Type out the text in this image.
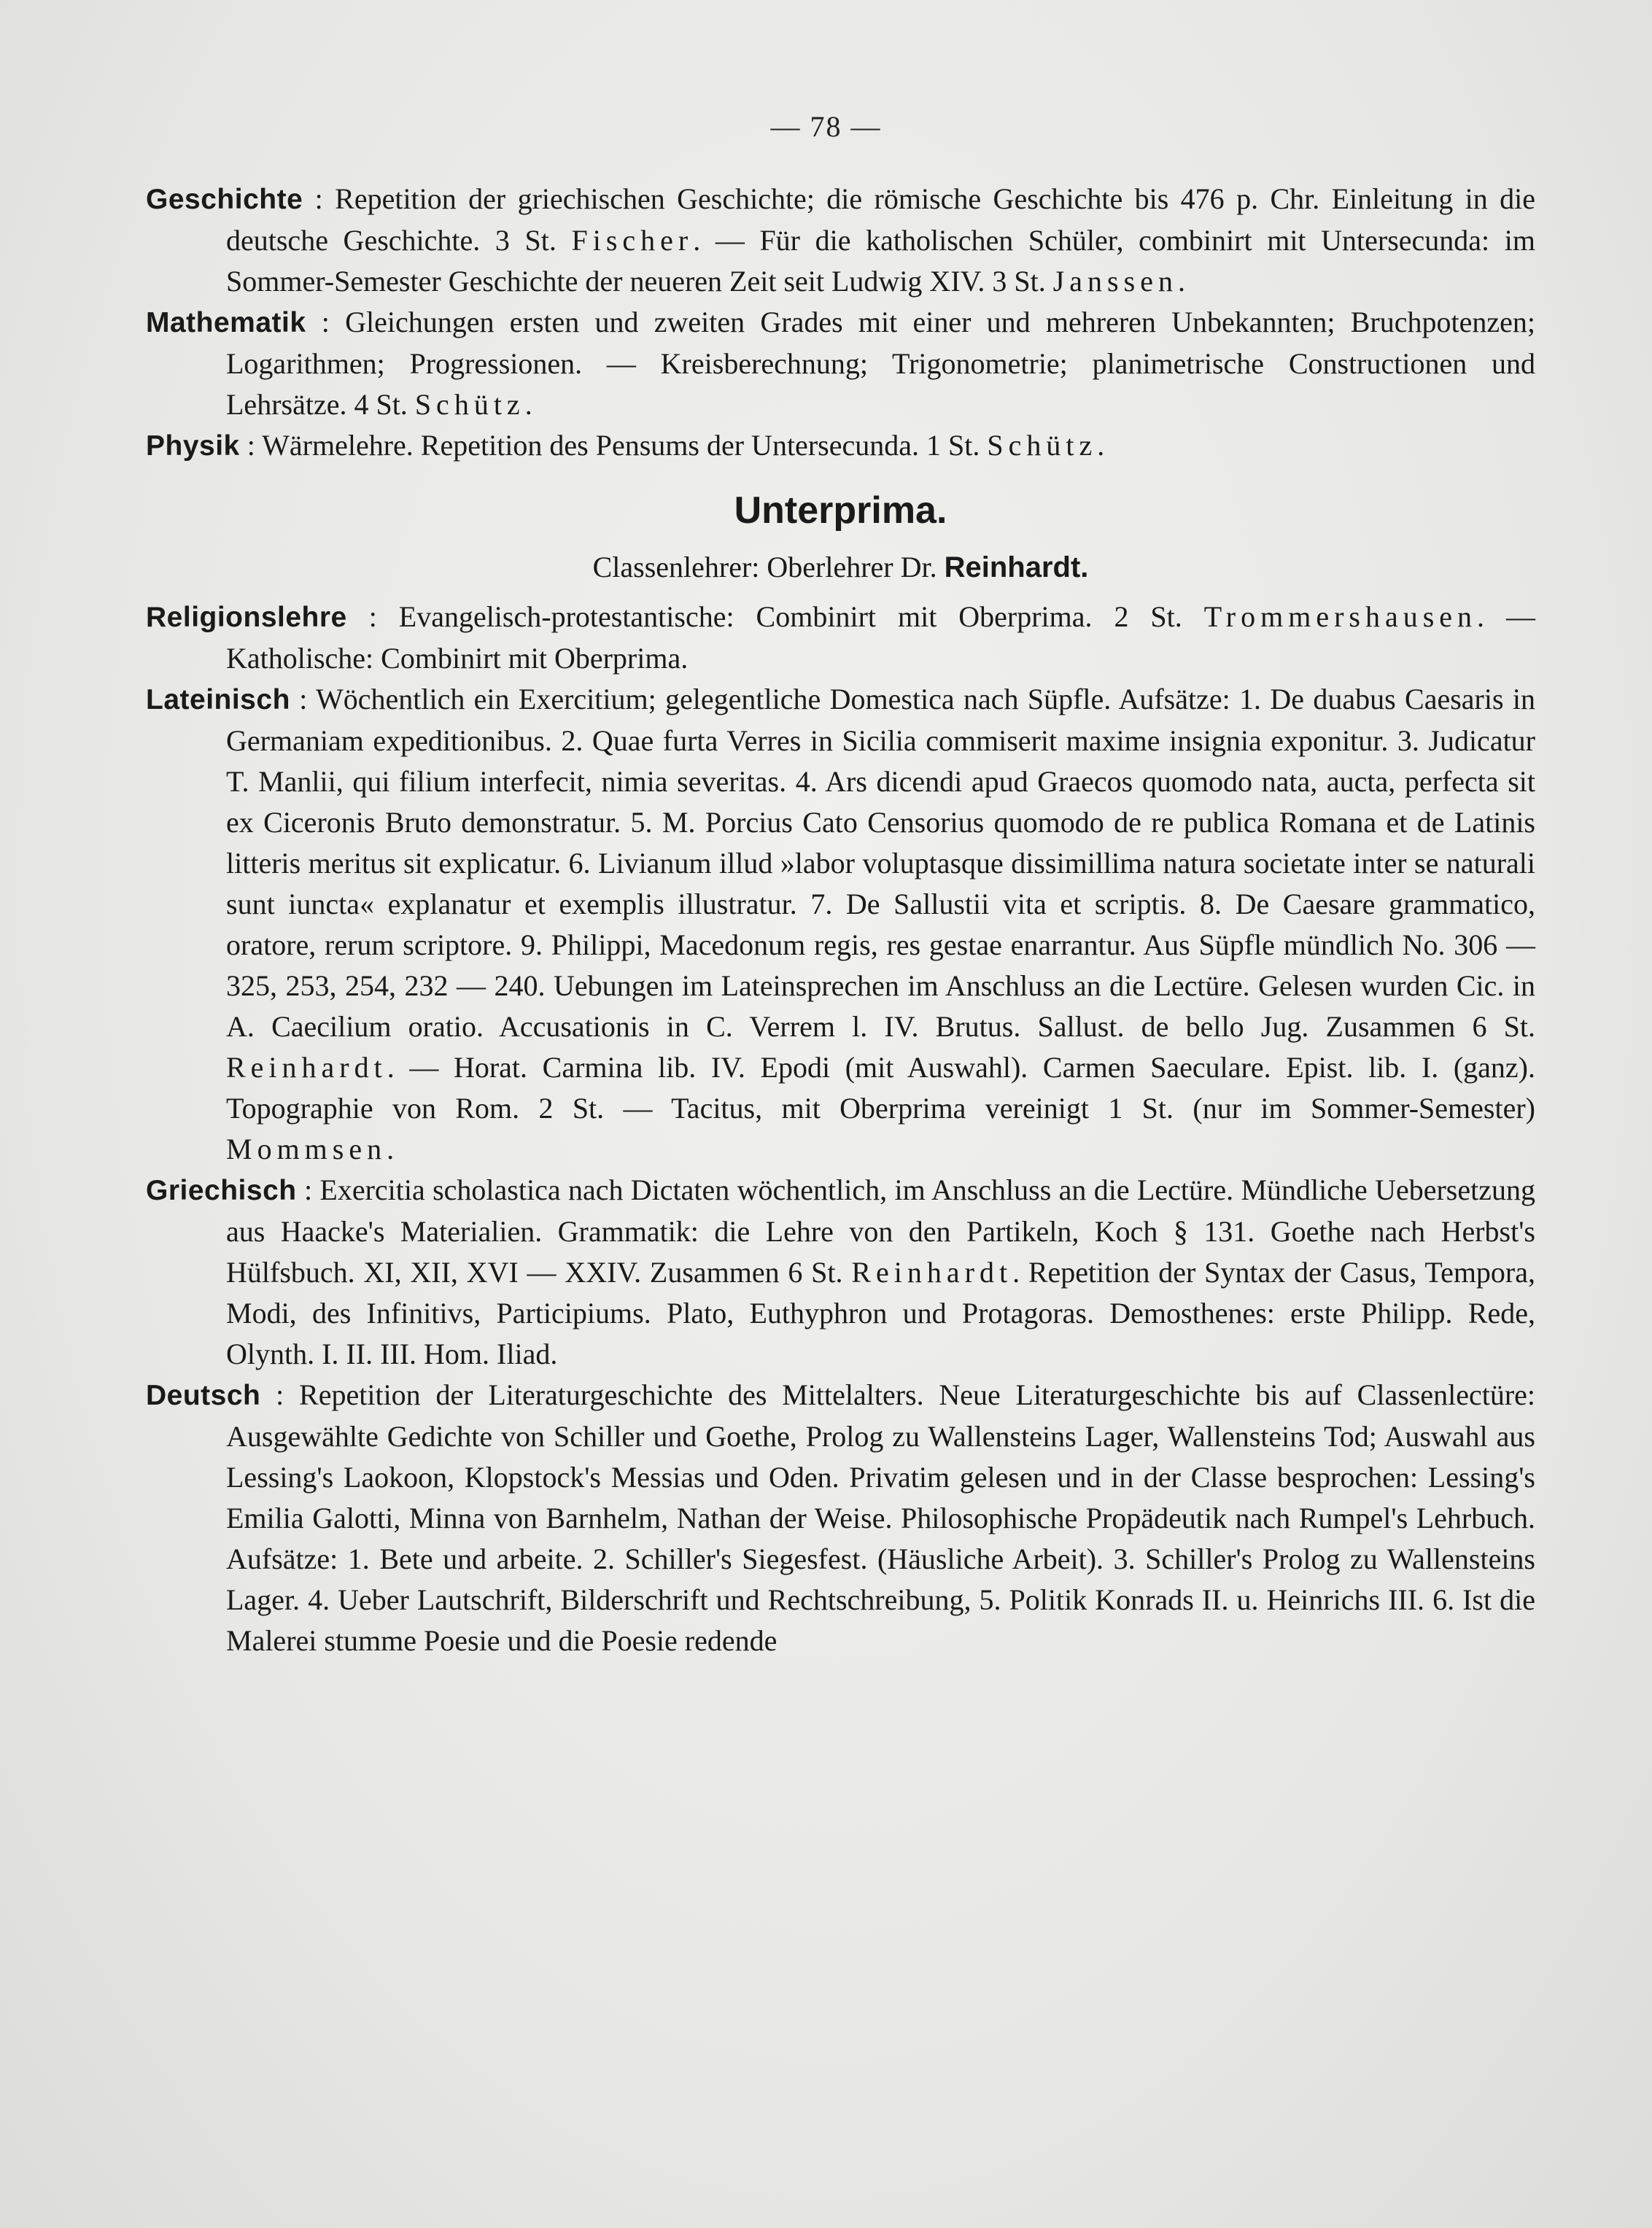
— 78 —

Geschichte : Repetition der griechischen Geschichte; die römische Geschichte bis 476 p. Chr. Einleitung in die deutsche Geschichte. 3 St. Fischer. — Für die katholischen Schüler, combinirt mit Untersecunda: im Sommer-Semester Geschichte der neueren Zeit seit Ludwig XIV. 3 St. Janssen.

Mathematik : Gleichungen ersten und zweiten Grades mit einer und mehreren Unbekannten; Bruchpotenzen; Logarithmen; Progressionen. — Kreisberechnung; Trigonometrie; planimetrische Constructionen und Lehrsätze. 4 St. Schütz.

Physik : Wärmelehre. Repetition des Pensums der Untersecunda. 1 St. Schütz.

Unterprima.
Classenlehrer: Oberlehrer Dr. Reinhardt.

Religionslehre : Evangelisch-protestantische: Combinirt mit Oberprima. 2 St. Trommershausen. — Katholische: Combinirt mit Oberprima.

Lateinisch : Wöchentlich ein Exercitium; gelegentliche Domestica nach Süpfle. Aufsätze: 1. De duabus Caesaris in Germaniam expeditionibus. 2. Quae furta Verres in Sicilia commiserit maxime insignia exponitur. 3. Judicatur T. Manlii, qui filium interfecit, nimia severitas. 4. Ars dicendi apud Graecos quomodo nata, aucta, perfecta sit ex Ciceronis Bruto demonstratur. 5. M. Porcius Cato Censorius quomodo de re publica Romana et de Latinis litteris meritus sit explicatur. 6. Livianum illud »labor voluptasque dissimillima natura societate inter se naturali sunt iuncta« explanatur et exemplis illustratur. 7. De Sallustii vita et scriptis. 8. De Caesare grammatico, oratore, rerum scriptore. 9. Philippi, Macedonum regis, res gestae enarrantur. Aus Süpfle mündlich No. 306 — 325, 253, 254, 232 — 240. Uebungen im Lateinsprechen im Anschluss an die Lectüre. Gelesen wurden Cic. in A. Caecilium oratio. Accusationis in C. Verrem l. IV. Brutus. Sallust. de bello Jug. Zusammen 6 St. Reinhardt. — Horat. Carmina lib. IV. Epodi (mit Auswahl). Carmen Saeculare. Epist. lib. I. (ganz). Topographie von Rom. 2 St. — Tacitus, mit Oberprima vereinigt 1 St. (nur im Sommer-Semester) Mommsen.

Griechisch : Exercitia scholastica nach Dictaten wöchentlich, im Anschluss an die Lectüre. Mündliche Uebersetzung aus Haacke's Materialien. Grammatik: die Lehre von den Partikeln, Koch § 131. Goethe nach Herbst's Hülfsbuch. XI, XII, XVI — XXIV. Zusammen 6 St. Reinhardt. Repetition der Syntax der Casus, Tempora, Modi, des Infinitivs, Participiums. Plato, Euthyphron und Protagoras. Demosthenes: erste Philipp. Rede, Olynth. I. II. III. Hom. Iliad.

Deutsch : Repetition der Literaturgeschichte des Mittelalters. Neue Literaturgeschichte bis auf Classenlectüre: Ausgewählte Gedichte von Schiller und Goethe, Prolog zu Wallensteins Lager, Wallensteins Tod; Auswahl aus Lessing's Laokoon, Klopstock's Messias und Oden. Privatim gelesen und in der Classe besprochen: Lessing's Emilia Galotti, Minna von Barnhelm, Nathan der Weise. Philosophische Propädeutik nach Rumpel's Lehrbuch. Aufsätze: 1. Bete und arbeite. 2. Schiller's Siegesfest. (Häusliche Arbeit). 3. Schiller's Prolog zu Wallensteins Lager. 4. Ueber Lautschrift, Bilderschrift und Rechtschreibung, 5. Politik Konrads II. u. Heinrichs III. 6. Ist die Malerei stumme Poesie und die Poesie redende
